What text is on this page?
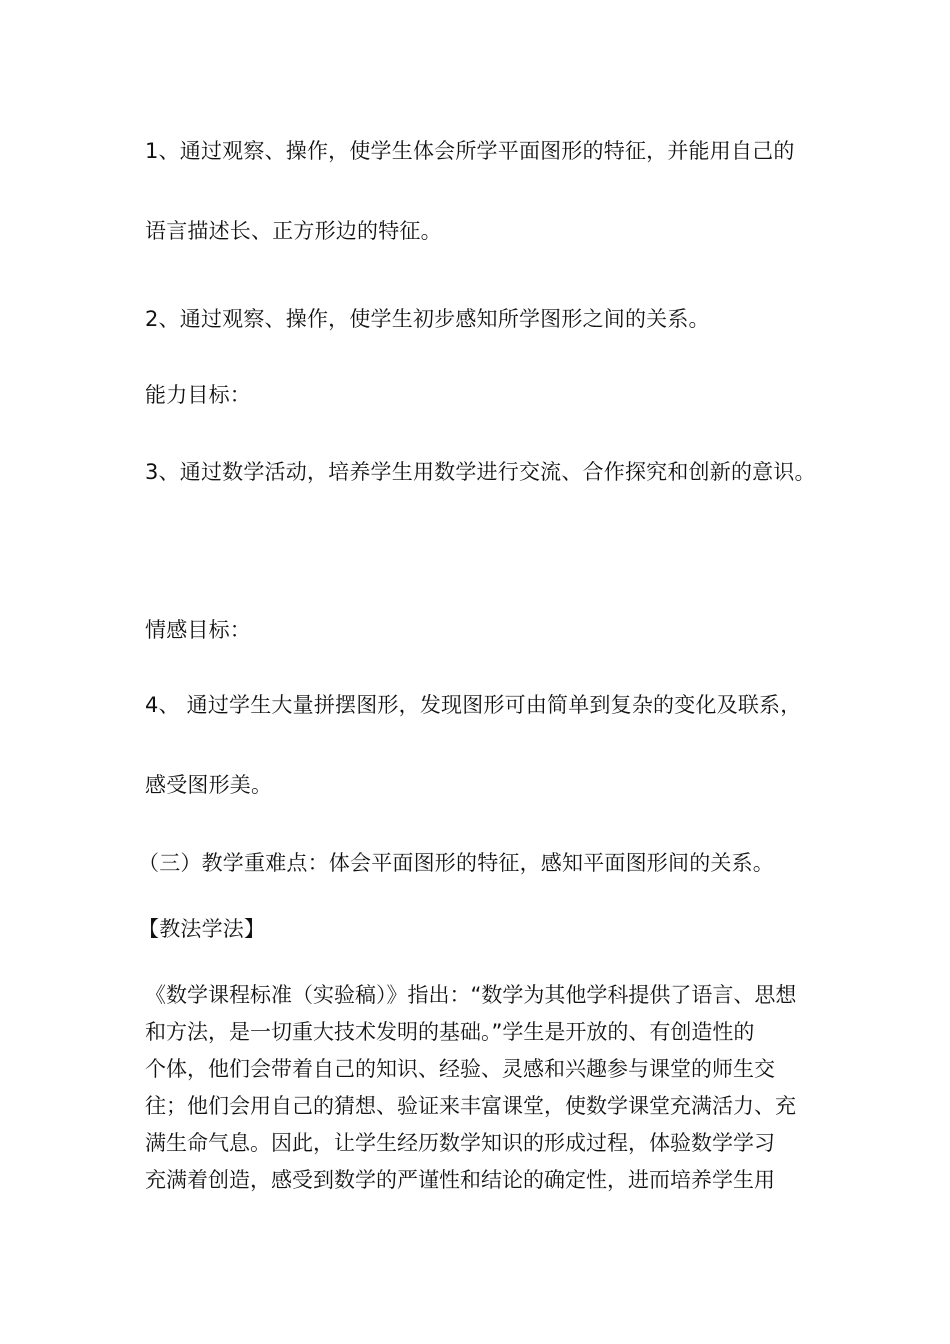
1、通过观察、操作，使学生体会所学平面图形的特征，并能用自己的
语言描述长、正方形边的特征。
2、通过观察、操作，使学生初步感知所学图形之间的关系。
能力目标：
3、通过数学活动，培养学生用数学进行交流、合作探究和创新的意识。
情感目标：
4、 通过学生大量拼摆图形，发现图形可由简单到复杂的变化及联系，
感受图形美。
（三）教学重难点：体会平面图形的特征，感知平面图形间的关系。
【教法学法】
《数学课程标准（实验稿）》指出：“数学为其他学科提供了语言、思想
和方法，是一切重大技术发明的基础。”学生是开放的、有创造性的
个体，他们会带着自己的知识、经验、灵感和兴趣参与课堂的师生交
往；他们会用自己的猜想、验证来丰富课堂，使数学课堂充满活力、充
满生命气息。因此，让学生经历数学知识的形成过程，体验数学学习
充满着创造，感受到数学的严谨性和结论的确定性，进而培养学生用
